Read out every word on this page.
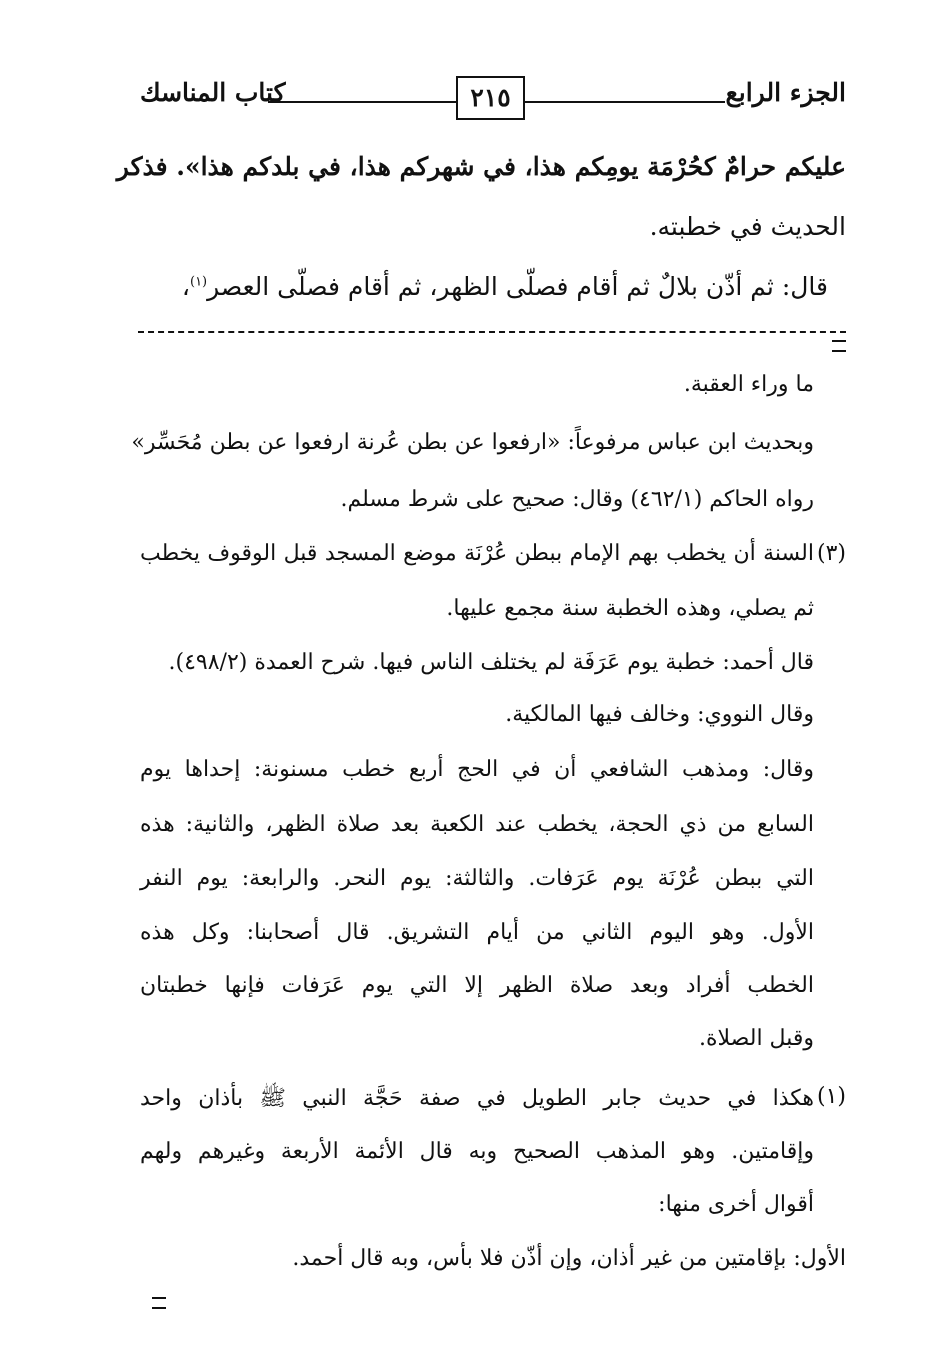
الجزء الرابع
٢١٥
كتاب المناسك
عليكم حرامٌ كحُرْمَة يومِكم هذا، في شهركم هذا، في بلدكم هذا». فذكر
الحديث في خطبته.
قال: ثم أذّن بلالٌ ثم أقام فصلّى الظهر، ثم أقام فصلّى العصر$^{(١)}$،
ما وراء العقبة.
وبحديث ابن عباس مرفوعاً: «ارفعوا عن بطن عُرنة ارفعوا عن بطن مُحَسِّر»
رواه الحاكم (٤٦٢/١) وقال: صحيح على شرط مسلم.
(٣)
السنة أن يخطب بهم الإمام ببطن عُرْنَة موضع المسجد قبل الوقوف يخطب
ثم يصلي، وهذه الخطبة سنة مجمع عليها.
قال أحمد: خطبة يوم عَرَفَة لم يختلف الناس فيها. شرح العمدة (٤٩٨/٢).
وقال النووي: وخالف فيها المالكية.
وقال: ومذهب الشافعي أن في الحج أربع خطب مسنونة: إحداها يوم
السابع من ذي الحجة، يخطب عند الكعبة بعد صلاة الظهر، والثانية: هذه
التي ببطن عُرْنَة يوم عَرَفات. والثالثة: يوم النحر. والرابعة: يوم النفر
الأول. وهو اليوم الثاني من أيام التشريق. قال أصحابنا: وكل هذه
الخطب أفراد وبعد صلاة الظهر إلا التي يوم عَرَفات فإنها خطبتان
وقبل الصلاة.
(١)
هكذا في حديث جابر الطويل في صفة حَجَّة النبي ﷺ بأذان واحد
وإقامتين. وهو المذهب الصحيح وبه قال الأئمة الأربعة وغيرهم ولهم
أقوال أخرى منها:
الأول: بإقامتين من غير أذان، وإن أذّن فلا بأس، وبه قال أحمد.
